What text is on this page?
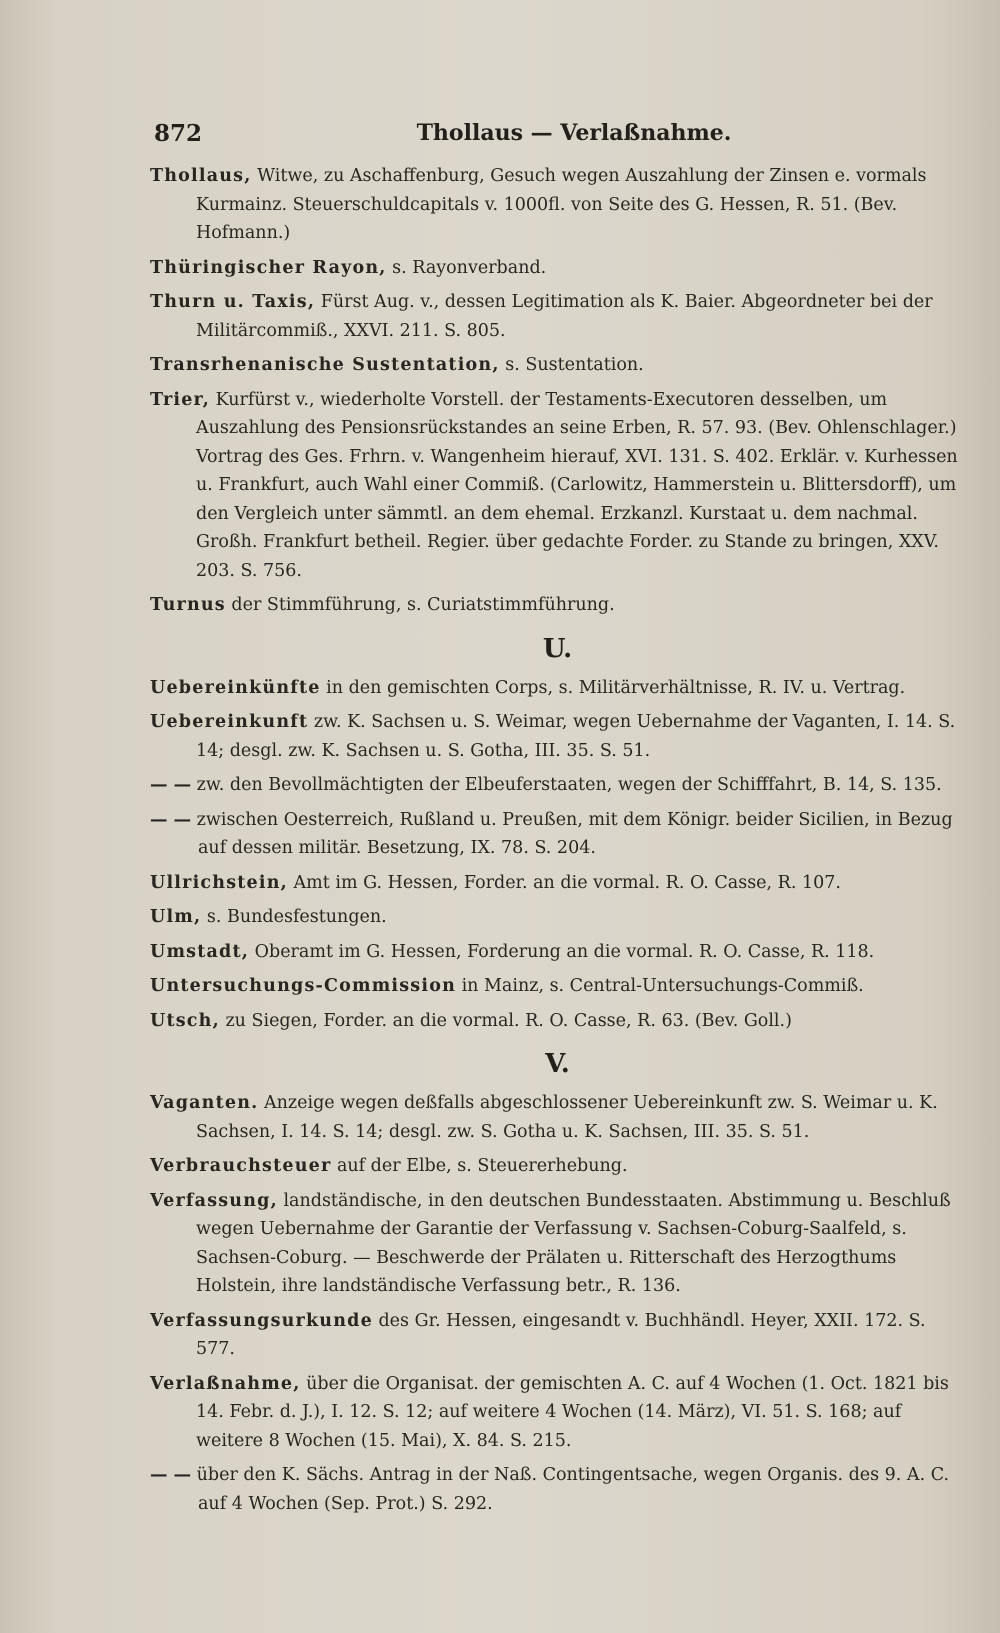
872	Thollaus — Verlaßnahme.
Thollaus, Witwe, zu Aschaffenburg, Gesuch wegen Auszahlung der Zinsen e. vormals Kurmainz. Steuerschuldcapitals v. 1000fl. von Seite des G. Hessen, R. 51. (Bev. Hofmann.)
Thüringischer Rayon, s. Rayonverband.
Thurn u. Taxis, Fürst Aug. v., dessen Legitimation als K. Baier. Abgeordneter bei der Militärcommiß., XXVI. 211. S. 805.
Transrhenanische Sustentation, s. Sustentation.
Trier, Kurfürst v., wiederholte Vorstell. der Testaments-Executoren desselben, um Auszahlung des Pensionsrückstandes an seine Erben, R. 57. 93. (Bev. Ohlenschlager.) Vortrag des Ges. Frhrn. v. Wangenheim hierauf, XVI. 131. S. 402. Erklär. v. Kurhessen u. Frankfurt, auch Wahl einer Commiß. (Carlowitz, Hammerstein u. Blittersdorff), um den Vergleich unter sämmtl. an dem ehemal. Erzkanzl. Kurstaat u. dem nachmal. Großh. Frankfurt betheil. Regier. über gedachte Forder. zu Stande zu bringen, XXV. 203. S. 756.
Turnus der Stimmführung, s. Curiatstimmführung.
U.
Uebereinkünfte in den gemischten Corps, s. Militärverhältnisse, R. IV. u. Vertrag.
Uebereinkunft zw. K. Sachsen u. S. Weimar, wegen Uebernahme der Vaganten, I. 14. S. 14; desgl. zw. K. Sachsen u. S. Gotha, III. 35. S. 51.
— — zw. den Bevollmächtigten der Elbeuferstaaten, wegen der Schifffahrt, B. 14, S. 135.
— — zwischen Oesterreich, Rußland u. Preußen, mit dem Königr. beider Sicilien, in Bezug auf dessen militär. Besetzung, IX. 78. S. 204.
Ullrichstein, Amt im G. Hessen, Forder. an die vormal. R. O. Casse, R. 107.
Ulm, s. Bundesfestungen.
Umstadt, Oberamt im G. Hessen, Forderung an die vormal. R. O. Casse, R. 118.
Untersuchungs-Commission in Mainz, s. Central-Untersuchungs-Commiß.
Utsch, zu Siegen, Forder. an die vormal. R. O. Casse, R. 63. (Bev. Goll.)
V.
Vaganten. Anzeige wegen deßfalls abgeschlossener Uebereinkunft zw. S. Weimar u. K. Sachsen, I. 14. S. 14; desgl. zw. S. Gotha u. K. Sachsen, III. 35. S. 51.
Verbrauchsteuer auf der Elbe, s. Steuererhebung.
Verfassung, landständische, in den deutschen Bundesstaaten. Abstimmung u. Beschluß wegen Uebernahme der Garantie der Verfassung v. Sachsen-Coburg-Saalfeld, s. Sachsen-Coburg. — Beschwerde der Prälaten u. Ritterschaft des Herzogthums Holstein, ihre landständische Verfassung betr., R. 136.
Verfassungsurkunde des Gr. Hessen, eingesandt v. Buchhändl. Heyer, XXII. 172. S. 577.
Verlaßnahme, über die Organisat. der gemischten A. C. auf 4 Wochen (1. Oct. 1821 bis 14. Febr. d. J.), I. 12. S. 12; auf weitere 4 Wochen (14. März), VI. 51. S. 168; auf weitere 8 Wochen (15. Mai), X. 84. S. 215.
— — über den K. Sächs. Antrag in der Naß. Contingentsache, wegen Organis. des 9. A. C. auf 4 Wochen (Sep. Prot.) S. 292.
